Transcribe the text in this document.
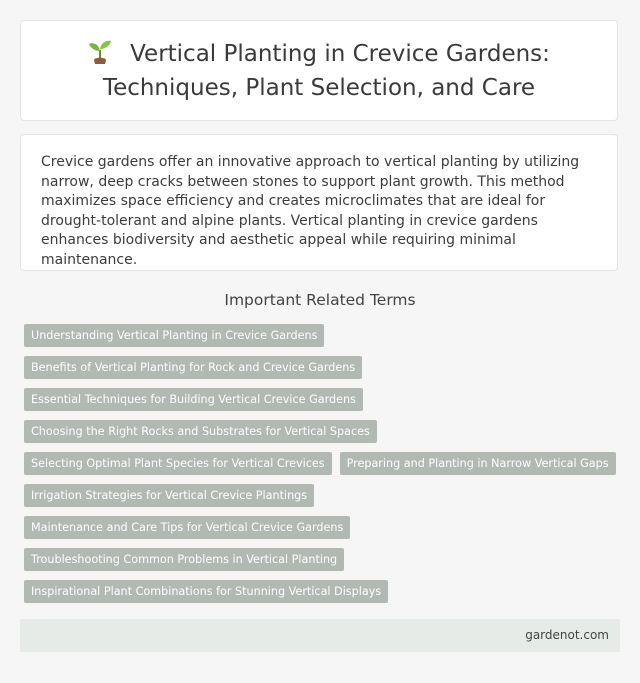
Vertical Planting in Crevice Gardens:
Techniques, Plant Selection, and Care

Crevice gardens offer an innovative approach to vertical planting by utilizing narrow, deep cracks between stones to support plant growth. This method maximizes space efficiency and creates microclimates that are ideal for drought-tolerant and alpine plants. Vertical planting in crevice gardens enhances biodiversity and aesthetic appeal while requiring minimal maintenance.

Important Related Terms
Understanding Vertical Planting in Crevice Gardens
Benefits of Vertical Planting for Rock and Crevice Gardens
Essential Techniques for Building Vertical Crevice Gardens
Choosing the Right Rocks and Substrates for Vertical Spaces
Selecting Optimal Plant Species for Vertical Crevices	Preparing and Planting in Narrow Vertical Gaps
Irrigation Strategies for Vertical Crevice Plantings
Maintenance and Care Tips for Vertical Crevice Gardens
Troubleshooting Common Problems in Vertical Planting
Inspirational Plant Combinations for Stunning Vertical Displays
gardenot.com
